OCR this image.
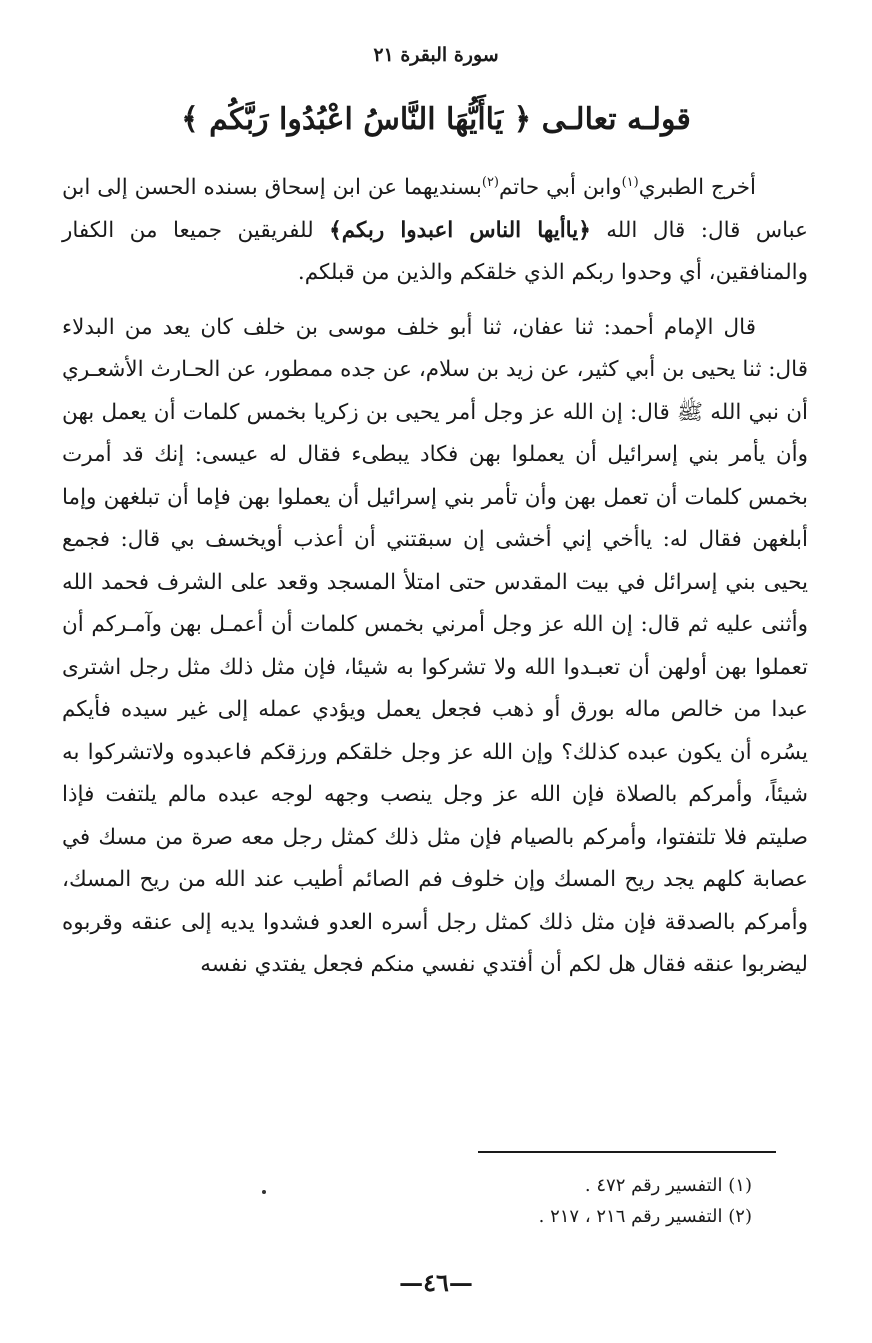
سورة البقرة ٢١
قولـه تعالـى ﴿ يَاأَيُّهَا النَّاسُ اعْبُدُوا رَبَّكُم ﴾

أخرج الطبري$^{(١)}$وابن أبي حاتم$^{(٢)}$بسنديهما عن ابن إسحاق بسنده الحسن إلى ابن عباس قال: قال الله ﴿ياأيها الناس اعبدوا ربكم﴾ للفريقين جميعا من الكفار والمنافقين، أي وحدوا ربكم الذي خلقكم والذين من قبلكم.

قال الإمام أحمد: ثنا عفان، ثنا أبو خلف موسى بن خلف كان يعد من البدلاء قال: ثنا يحيى بن أبي كثير، عن زيد بن سلام، عن جده ممطور، عن الحـارث الأشعـري أن نبي الله ﷺ قال: إن الله عز وجل أمر يحيى بن زكريا بخمس كلمات أن يعمل بهن وأن يأمر بني إسرائيل أن يعملوا بهن فكاد يبطىء فقال له عيسى: إنك قد أمرت بخمس كلمات أن تعمل بهن وأن تأمر بني إسرائيل أن يعملوا بهن فإما أن تبلغهن وإما أبلغهن فقال له: ياأخي إني أخشى إن سبقتني أن أعذب أويخسف بي قال: فجمع يحيى بني إسرائل في بيت المقدس حتى امتلأ المسجد وقعد على الشرف فحمد الله وأثنى عليه ثم قال: إن الله عز وجل أمرني بخمس كلمات أن أعمـل بهن وآمـركم أن تعملوا بهن أولهن أن تعبـدوا الله ولا تشركوا به شيئا، فإن مثل ذلك مثل رجل اشترى عبدا من خالص ماله بورق أو ذهب فجعل يعمل ويؤدي عمله إلى غير سيده فأيكم يسُره أن يكون عبده كذلك؟ وإن الله عز وجل خلقكم ورزقكم فاعبدوه ولاتشركوا به شيئاً، وأمركم بالصلاة فإن الله عز وجل ينصب وجهه لوجه عبده مالم يلتفت فإذا صليتم فلا تلتفتوا، وأمركم بالصيام فإن مثل ذلك كمثل رجل معه صرة من مسك في عصابة كلهم يجد ريح المسك وإن خلوف فم الصائم أطيب عند الله من ريح المسك، وأمركم بالصدقة فإن مثل ذلك كمثل رجل أسره العدو فشدوا يديه إلى عنقه وقربوه ليضربوا عنقه فقال هل لكم أن أفتدي نفسي منكم فجعل يفتدي نفسه

(١) التفسير رقم ٤٧٢ .
(٢) التفسير رقم ٢١٦ ، ٢١٧ .
—٤٦—
